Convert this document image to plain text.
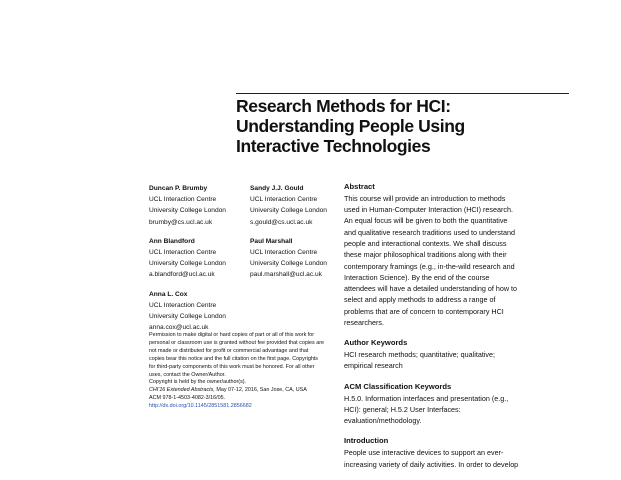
Research Methods for HCI:
Understanding People Using
Interactive Technologies
Duncan P. Brumby
UCL Interaction Centre
University College London
brumby@cs.ucl.ac.uk
Ann Blandford
UCL Interaction Centre
University College London
a.blandford@ucl.ac.uk
Anna L. Cox
UCL Interaction Centre
University College London
anna.cox@ucl.ac.uk
Sandy J.J. Gould
UCL Interaction Centre
University College London
s.gould@cs.ucl.ac.uk
Paul Marshall
UCL Interaction Centre
University College London
paul.marshall@ucl.ac.uk
Permission to make digital or hard copies of part or all of this work for
personal or classroom use is granted without fee provided that copies are
not made or distributed for profit or commercial advantage and that
copies bear this notice and the full citation on the first page. Copyrights
for third-party components of this work must be honored. For all other
uses, contact the Owner/Author.
Copyright is held by the owner/author(s).
CHI'16 Extended Abstracts, May 07-12, 2016, San Jose, CA, USA
ACM 978-1-4503-4082-3/16/05.
http://dx.doi.org/10.1145/2851581.2856682
Abstract
This course will provide an introduction to methods
used in Human-Computer Interaction (HCI) research.
An equal focus will be given to both the quantitative
and qualitative research traditions used to understand
people and interactional contexts. We shall discuss
these major philosophical traditions along with their
contemporary framings (e.g., in-the-wild research and
Interaction Science). By the end of the course
attendees will have a detailed understanding of how to
select and apply methods to address a range of
problems that are of concern to contemporary HCI
researchers.
Author Keywords
HCI research methods; quantitative; qualitative;
empirical research
ACM Classification Keywords
H.5.0. Information interfaces and presentation (e.g.,
HCI): general; H.5.2 User Interfaces:
evaluation/methodology.
Introduction
People use interactive devices to support an ever-
increasing variety of daily activities. In order to develop
